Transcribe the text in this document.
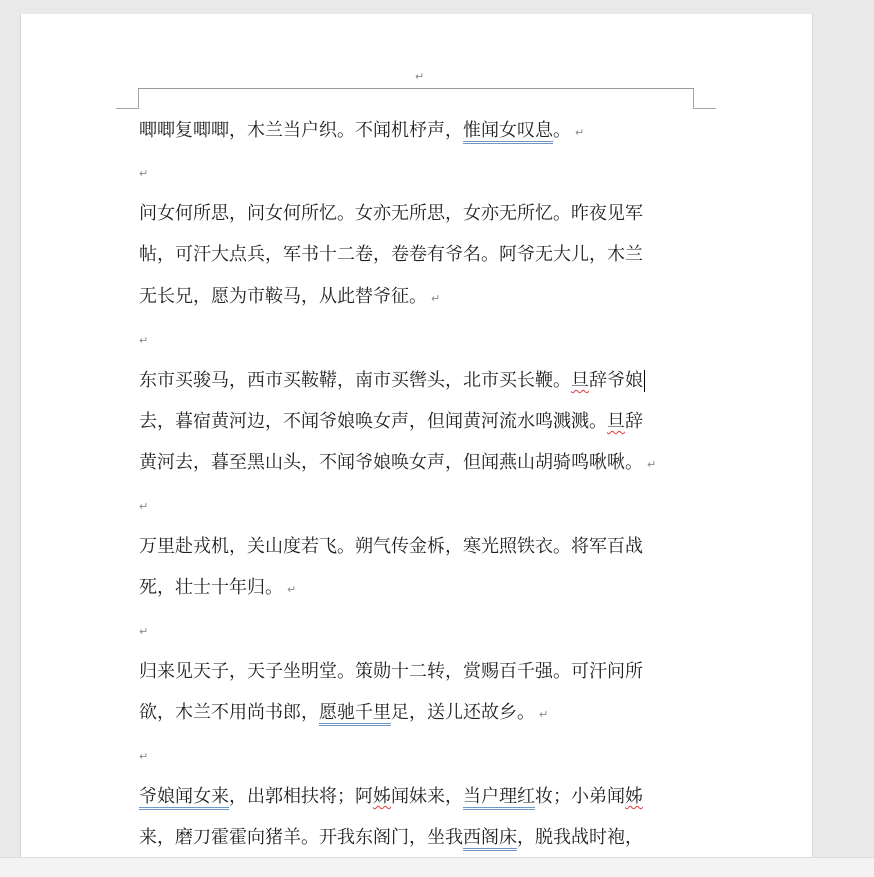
↵
唧唧复唧唧，木兰当户织。不闻机杼声，惟闻女叹息。 ↵
↵
问女何所思，问女何所忆。女亦无所思，女亦无所忆。昨夜见军
帖，可汗大点兵，军书十二卷，卷卷有爷名。阿爷无大儿，木兰
无长兄，愿为市鞍马，从此替爷征。 ↵
↵
东市买骏马，西市买鞍鞯，南市买辔头，北市买长鞭。旦辞爷娘
去，暮宿黄河边，不闻爷娘唤女声，但闻黄河流水鸣溅溅。旦辞
黄河去，暮至黑山头，不闻爷娘唤女声，但闻燕山胡骑鸣啾啾。 ↵
↵
万里赴戎机，关山度若飞。朔气传金柝，寒光照铁衣。将军百战
死，壮士十年归。 ↵
↵
归来见天子，天子坐明堂。策勋十二转，赏赐百千强。可汗问所
欲，木兰不用尚书郎，愿驰千里足，送儿还故乡。 ↵
↵
爷娘闻女来，出郭相扶将；阿姊闻妹来，当户理红妆；小弟闻姊
来，磨刀霍霍向猪羊。开我东阁门，坐我西阁床，脱我战时袍，
